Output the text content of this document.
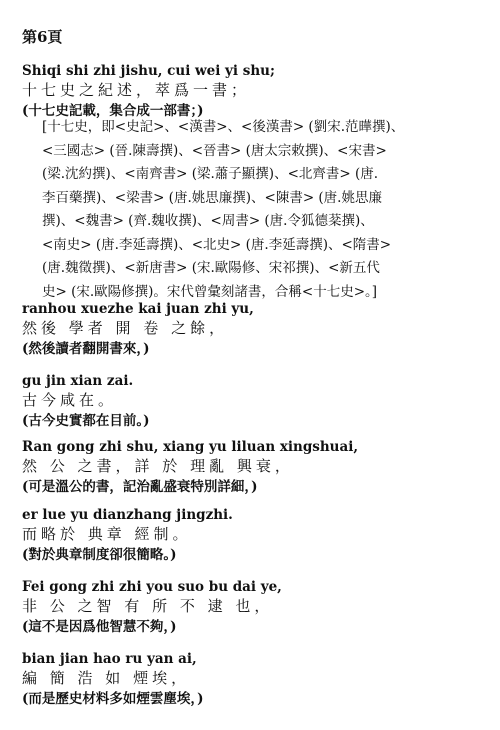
第6頁
Shiqi shi zhi jishu, cui wei yi shu;
十七史之紀述，萃爲一書；
(十七史記載，集合成一部書；)
[十七史，即<史記>、<漢書>、<後漢書> (劉宋.范曄撰)、
<三國志> (晉.陳壽撰)、<晉書> (唐太宗敕撰)、<宋書>
(梁.沈約撰)、<南齊書> (梁.蕭子顯撰)、<北齊書> (唐.
李百藥撰)、<梁書> (唐.姚思廉撰)、<陳書> (唐.姚思廉
撰)、<魏書> (齊.魏收撰)、<周書> (唐.令狐德棻撰)、
<南史> (唐.李延壽撰)、<北史> (唐.李延壽撰)、<隋書>
(唐.魏徵撰)、<新唐書> (宋.歐陽修、宋祁撰)、<新五代
史> (宋.歐陽修撰)。宋代曾彙刻諸書，合稱<十七史>。]
ranhou xuezhe kai juan zhi yu,
然後 學者 開 卷 之餘，
(然後讀者翻開書來，)
gu jin xian zai.
古今咸在。
(古今史實都在目前。)
Ran gong zhi shu, xiang yu liluan xingshuai,
然 公 之書，詳 於 理亂 興衰，
(可是溫公的書，記治亂盛衰特別詳細，)
er lue yu dianzhang jingzhi.
而略於 典章 經制。
(對於典章制度卻很簡略。)
Fei gong zhi zhi you suo bu dai ye,
非 公 之智 有 所 不 逮 也，
(這不是因爲他智慧不夠，)
bian jian hao ru yan ai,
編 簡 浩 如 煙埃，
(而是歷史材料多如煙雲塵埃，)
